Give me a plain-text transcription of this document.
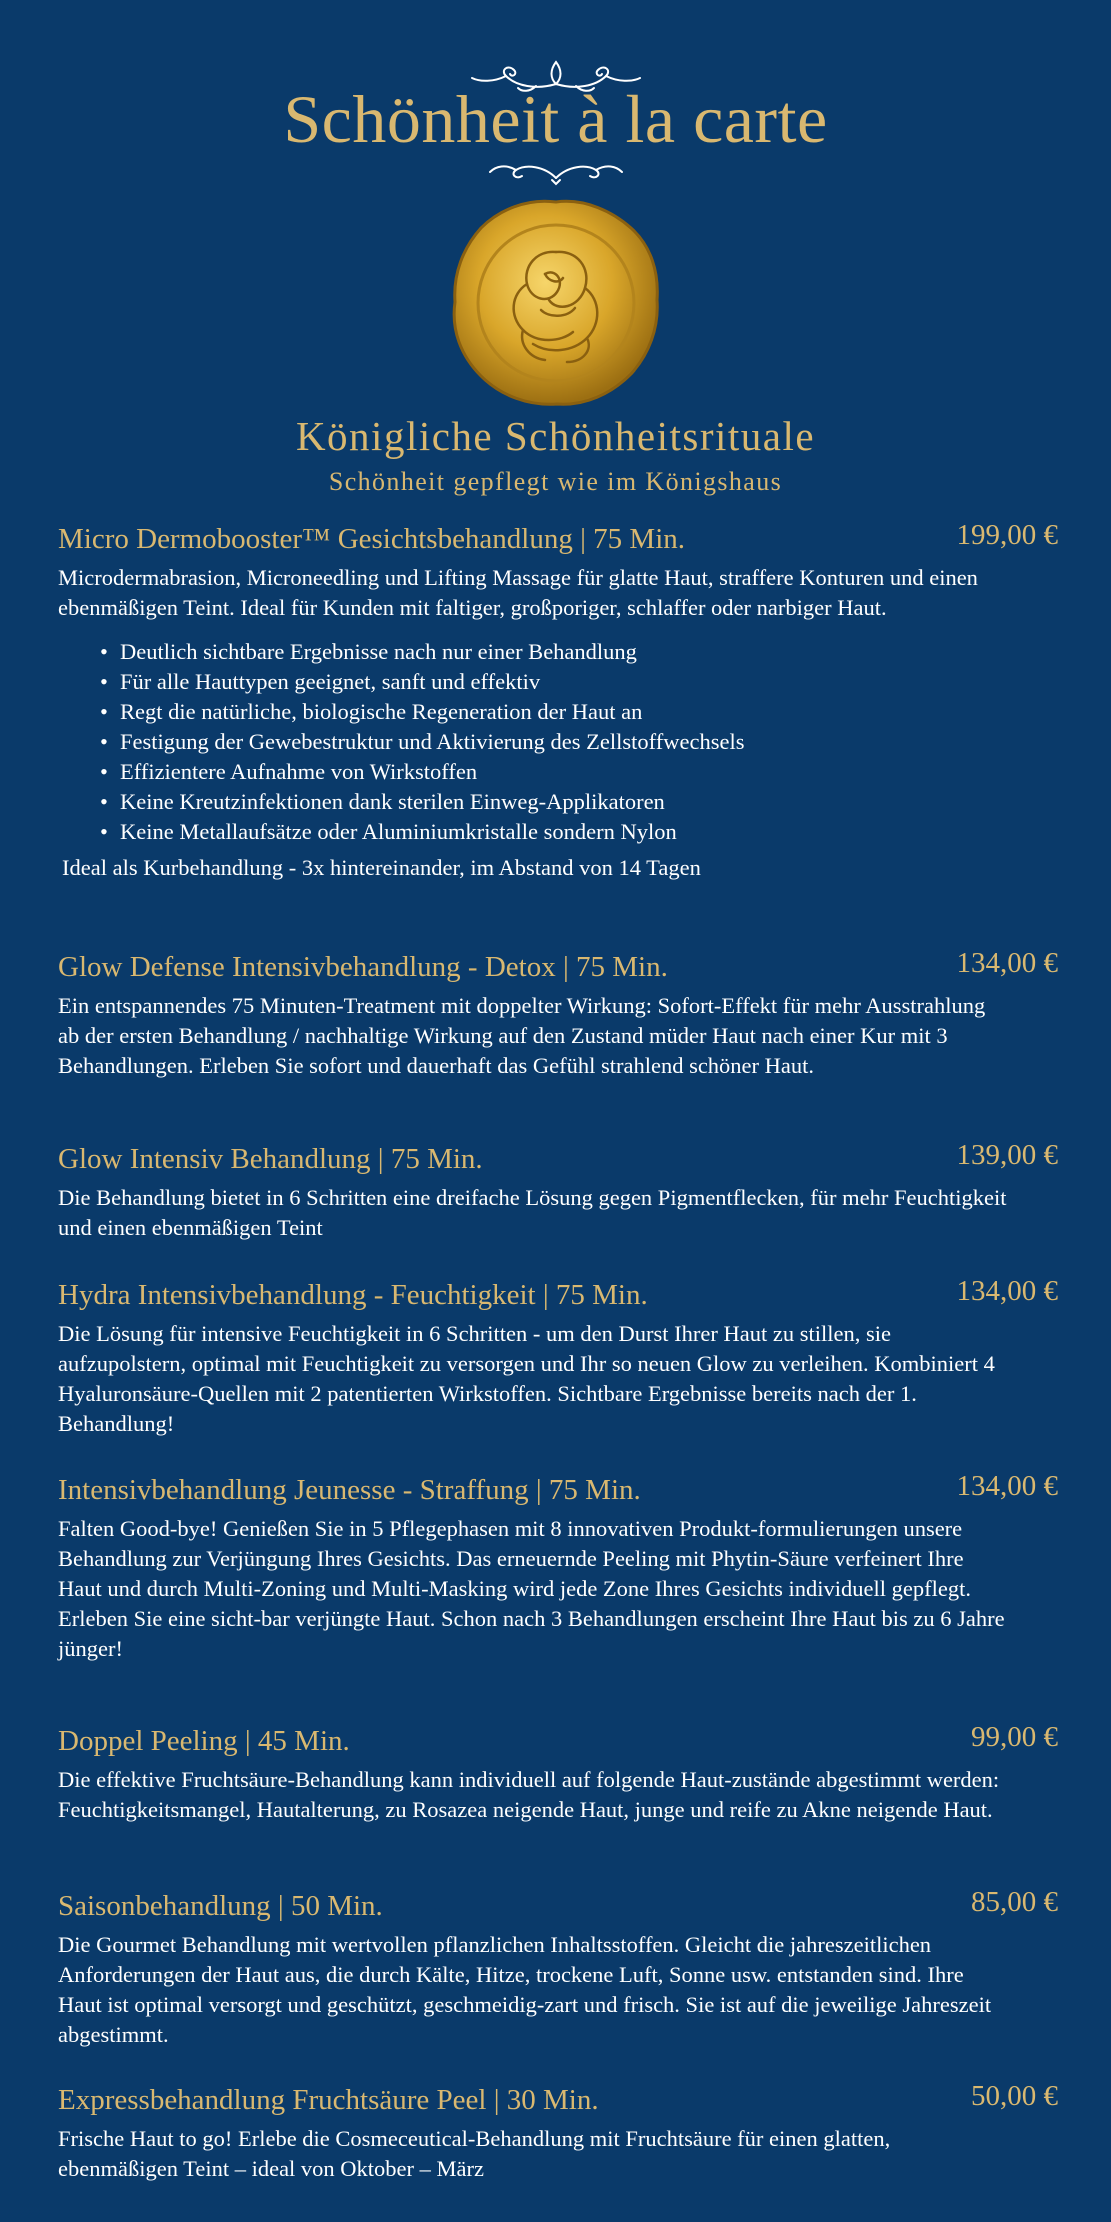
Schönheit à la carte
Königliche Schönheitsrituale
Schönheit gepflegt wie im Königshaus
Micro Dermobooster™ Gesichtsbehandlung | 75 Min.	199,00 €

Microdermabrasion, Microneedling und Lifting Massage für glatte Haut, straffere Konturen und einen ebenmäßigen Teint. Ideal für Kunden mit faltiger, großporiger, schlaffer oder narbiger Haut.

• Deutlich sichtbare Ergebnisse nach nur einer Behandlung
• Für alle Hauttypen geeignet, sanft und effektiv
• Regt die natürliche, biologische Regeneration der Haut an
• Festigung der Gewebestruktur und Aktivierung des Zellstoffwechsels
• Effizientere Aufnahme von Wirkstoffen
• Keine Kreutzinfektionen dank sterilen Einweg-Applikatoren
• Keine Metallaufsätze oder Aluminiumkristalle sondern Nylon
Ideal als Kurbehandlung - 3x hintereinander, im Abstand von 14 Tagen
Glow Defense Intensivbehandlung - Detox | 75 Min.	134,00 €

Ein entspannendes 75 Minuten-Treatment mit doppelter Wirkung: Sofort-Effekt für mehr Ausstrahlung ab der ersten Behandlung / nachhaltige Wirkung auf den Zustand müder Haut nach einer Kur mit 3 Behandlungen. Erleben Sie sofort und dauerhaft das Gefühl strahlend schöner Haut.

Glow Intensiv Behandlung | 75 Min.	139,00 €

Die Behandlung bietet in 6 Schritten eine dreifache Lösung gegen Pigmentflecken, für mehr Feuchtigkeit und einen ebenmäßigen Teint

Hydra Intensivbehandlung - Feuchtigkeit | 75 Min.	134,00 €

Die Lösung für intensive Feuchtigkeit in 6 Schritten - um den Durst Ihrer Haut zu stillen, sie aufzupolstern, optimal mit Feuchtigkeit zu versorgen und Ihr so neuen Glow zu verleihen. Kombiniert 4 Hyaluronsäure-Quellen mit 2 patentierten Wirkstoffen. Sichtbare Ergebnisse bereits nach der 1. Behandlung!

Intensivbehandlung Jeunesse - Straffung | 75 Min.	134,00 €

Falten Good-bye! Genießen Sie in 5 Pflegephasen mit 8 innovativen Produkt-formulierungen unsere Behandlung zur Verjüngung Ihres Gesichts. Das erneuernde Peeling mit Phytin-Säure verfeinert Ihre Haut und durch Multi-Zoning und Multi-Masking wird jede Zone Ihres Gesichts individuell gepflegt. Erleben Sie eine sicht-bar verjüngte Haut. Schon nach 3 Behandlungen erscheint Ihre Haut bis zu 6 Jahre jünger!

Doppel Peeling | 45 Min.	99,00 €

Die effektive Fruchtsäure-Behandlung kann individuell auf folgende Haut-zustände abgestimmt werden: Feuchtigkeitsmangel, Hautalterung, zu Rosazea neigende Haut, junge und reife zu Akne neigende Haut.

Saisonbehandlung | 50 Min.	85,00 €

Die Gourmet Behandlung mit wertvollen pflanzlichen Inhaltsstoffen. Gleicht die jahreszeitlichen Anforderungen der Haut aus, die durch Kälte, Hitze, trockene Luft, Sonne usw. entstanden sind. Ihre Haut ist optimal versorgt und geschützt, geschmeidig-zart und frisch. Sie ist auf die jeweilige Jahreszeit abgestimmt.

Expressbehandlung Fruchtsäure Peel | 30 Min.	50,00 €

Frische Haut to go! Erlebe die Cosmeceutical-Behandlung mit Fruchtsäure für einen glatten, ebenmäßigen Teint – ideal von Oktober – März
